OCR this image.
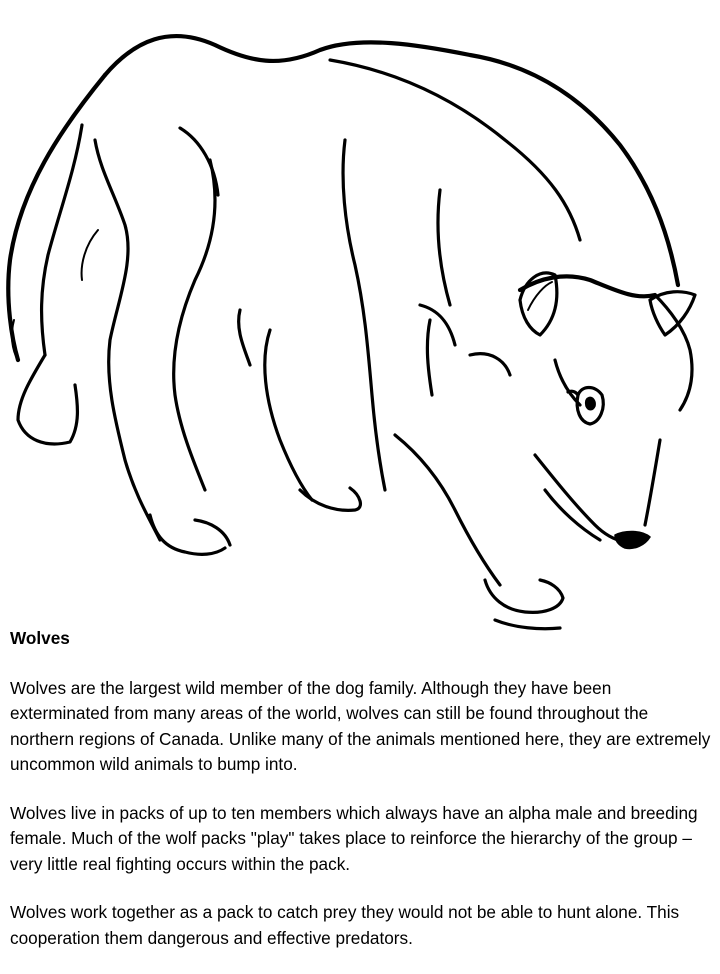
Wolves
Wolves are the largest wild member of the dog family. Although they have been exterminated from many areas of the world, wolves can still be found throughout the northern regions of Canada. Unlike many of the animals mentioned here, they are extremely uncommon wild animals to bump into.
Wolves live in packs of up to ten members which always have an alpha male and breeding female. Much of the wolf packs "play" takes place to reinforce the hierarchy of the group – very little real fighting occurs within the pack.
Wolves work together as a pack to catch prey they would not be able to hunt alone. This cooperation them dangerous and effective predators.
